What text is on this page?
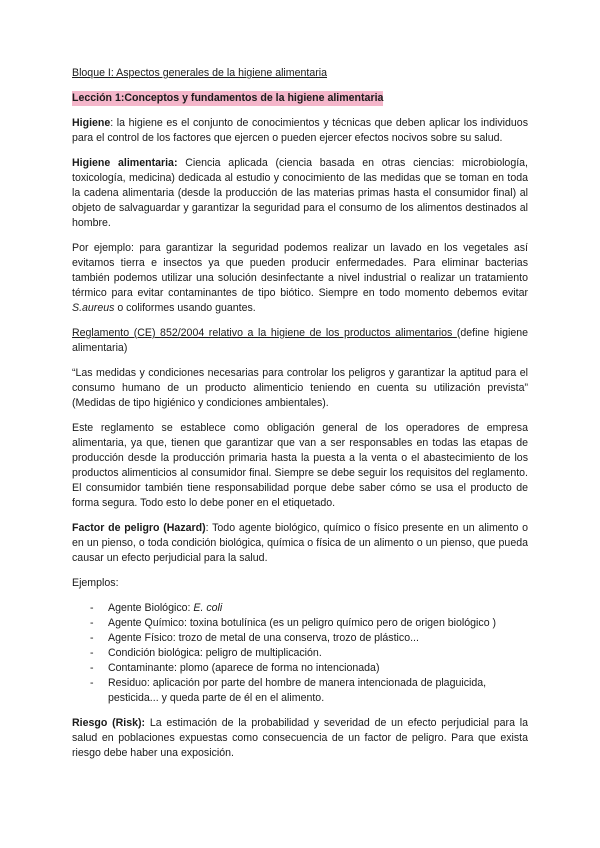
Bloque I: Aspectos generales de la higiene alimentaria
Lección 1:Conceptos y fundamentos de la higiene alimentaria

Higiene: la higiene es el conjunto de conocimientos y técnicas que deben aplicar los individuos para el control de los factores que ejercen o pueden ejercer efectos nocivos sobre su salud.

Higiene alimentaria: Ciencia aplicada (ciencia basada en otras ciencias: microbiología, toxicología, medicina) dedicada al estudio y conocimiento de las medidas que se toman en toda la cadena alimentaria (desde la producción de las materias primas hasta el consumidor final) al objeto de salvaguardar y garantizar la seguridad para el consumo de los alimentos destinados al hombre.

Por ejemplo: para garantizar la seguridad podemos realizar un lavado en los vegetales así evitamos tierra e insectos ya que pueden producir enfermedades. Para eliminar bacterias también podemos utilizar una solución desinfectante a nivel industrial o realizar un tratamiento térmico para evitar contaminantes de tipo biótico. Siempre en todo momento debemos evitar S.aureus o coliformes usando guantes.

Reglamento (CE) 852/2004 relativo a la higiene de los productos alimentarios (define higiene alimentaria)

“Las medidas y condiciones necesarias para controlar los peligros y garantizar la aptitud para el consumo humano de un producto alimenticio teniendo en cuenta su utilización prevista” (Medidas de tipo higiénico y condiciones ambientales).

Este reglamento se establece como obligación general de los operadores de empresa alimentaria, ya que, tienen que garantizar que van a ser responsables en todas las etapas de producción desde la producción primaria hasta la puesta a la venta o el abastecimiento de los productos alimenticios al consumidor final. Siempre se debe seguir los requisitos del reglamento. El consumidor también tiene responsabilidad porque debe saber cómo se usa el producto de forma segura. Todo esto lo debe poner en el etiquetado.

Factor de peligro (Hazard): Todo agente biológico, químico o físico presente en un alimento o en un pienso, o toda condición biológica, química o física de un alimento o un pienso, que pueda causar un efecto perjudicial para la salud.

Ejemplos:

- Agente Biológico: E. coli
- Agente Químico: toxina botulínica (es un peligro químico pero de origen biológico )
- Agente Físico: trozo de metal de una conserva, trozo de plástico...
- Condición biológica: peligro de multiplicación.
- Contaminante: plomo (aparece de forma no intencionada)
- Residuo: aplicación por parte del hombre de manera intencionada de plaguicida, pesticida... y queda parte de él en el alimento.

Riesgo (Risk): La estimación de la probabilidad y severidad de un efecto perjudicial para la salud en poblaciones expuestas como consecuencia de un factor de peligro. Para que exista riesgo debe haber una exposición.
